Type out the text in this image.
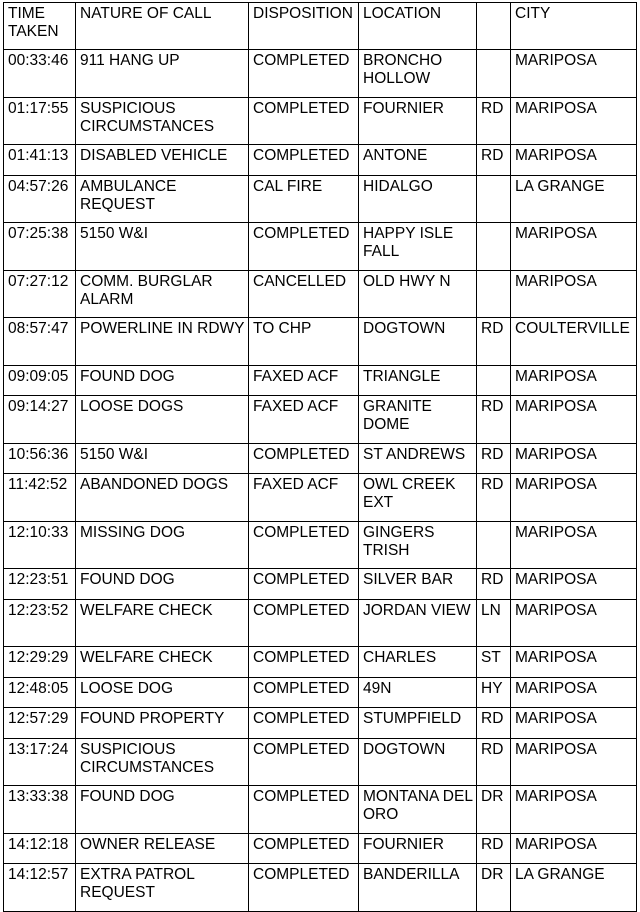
TIME TAKEN	NATURE OF CALL	DISPOSITION	LOCATION		CITY
00:33:46	911 HANG UP	COMPLETED	BRONCHO HOLLOW		MARIPOSA
01:17:55	SUSPICIOUS CIRCUMSTANCES	COMPLETED	FOURNIER	RD	MARIPOSA
01:41:13	DISABLED VEHICLE	COMPLETED	ANTONE	RD	MARIPOSA
04:57:26	AMBULANCE REQUEST	CAL FIRE	HIDALGO		LA GRANGE
07:25:38	5150 W&I	COMPLETED	HAPPY ISLE FALL		MARIPOSA
07:27:12	COMM. BURGLAR ALARM	CANCELLED	OLD HWY N		MARIPOSA
08:57:47	POWERLINE IN RDWY	TO CHP	DOGTOWN	RD	COULTERVILLE
09:09:05	FOUND DOG	FAXED ACF	TRIANGLE		MARIPOSA
09:14:27	LOOSE DOGS	FAXED ACF	GRANITE DOME	RD	MARIPOSA
10:56:36	5150 W&I	COMPLETED	ST ANDREWS	RD	MARIPOSA
11:42:52	ABANDONED DOGS	FAXED ACF	OWL CREEK EXT	RD	MARIPOSA
12:10:33	MISSING DOG	COMPLETED	GINGERS TRISH		MARIPOSA
12:23:51	FOUND DOG	COMPLETED	SILVER BAR	RD	MARIPOSA
12:23:52	WELFARE CHECK	COMPLETED	JORDAN VIEW	LN	MARIPOSA
12:29:29	WELFARE CHECK	COMPLETED	CHARLES	ST	MARIPOSA
12:48:05	LOOSE DOG	COMPLETED	49N	HY	MARIPOSA
12:57:29	FOUND PROPERTY	COMPLETED	STUMPFIELD	RD	MARIPOSA
13:17:24	SUSPICIOUS CIRCUMSTANCES	COMPLETED	DOGTOWN	RD	MARIPOSA
13:33:38	FOUND DOG	COMPLETED	MONTANA DEL ORO	DR	MARIPOSA
14:12:18	OWNER RELEASE	COMPLETED	FOURNIER	RD	MARIPOSA
14:12:57	EXTRA PATROL REQUEST	COMPLETED	BANDERILLA	DR	LA GRANGE
